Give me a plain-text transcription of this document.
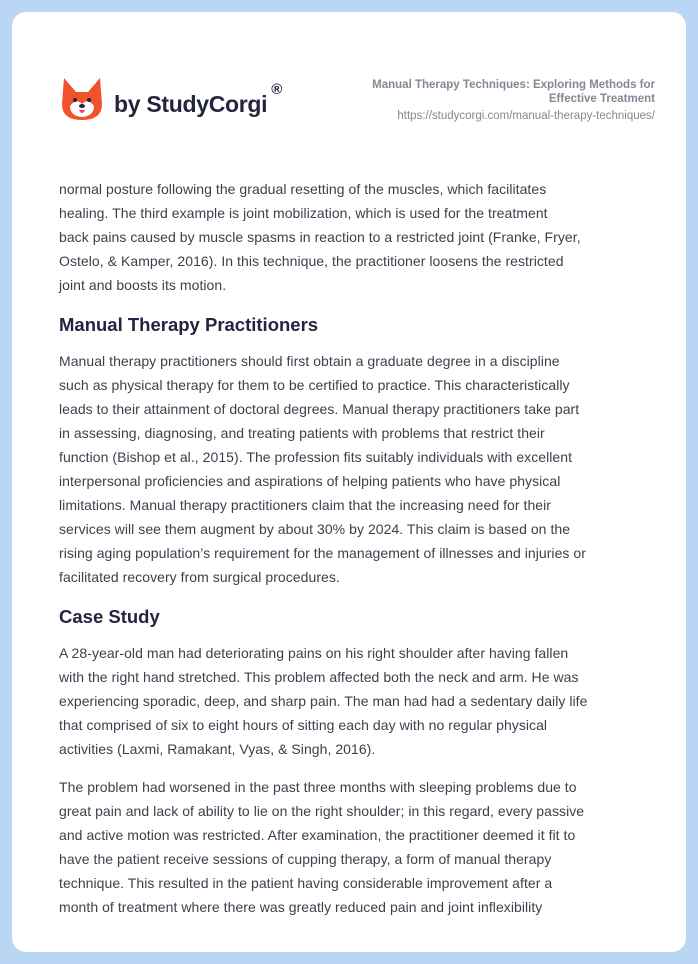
by StudyCorgi
®	Manual Therapy Techniques: Exploring Methods for
Effective Treatment
https://studycorgi.com/manual-therapy-techniques/

normal posture following the gradual resetting of the muscles, which facilitates
healing. The third example is joint mobilization, which is used for the treatment
back pains caused by muscle spasms in reaction to a restricted joint (Franke, Fryer,
Ostelo, & Kamper, 2016). In this technique, the practitioner loosens the restricted
joint and boosts its motion.

Manual Therapy Practitioners

Manual therapy practitioners should first obtain a graduate degree in a discipline
such as physical therapy for them to be certified to practice. This characteristically
leads to their attainment of doctoral degrees. Manual therapy practitioners take part
in assessing, diagnosing, and treating patients with problems that restrict their
function (Bishop et al., 2015). The profession fits suitably individuals with excellent
interpersonal proficiencies and aspirations of helping patients who have physical
limitations. Manual therapy practitioners claim that the increasing need for their
services will see them augment by about 30% by 2024. This claim is based on the
rising aging population’s requirement for the management of illnesses and injuries or
facilitated recovery from surgical procedures.

Case Study

A 28-year-old man had deteriorating pains on his right shoulder after having fallen
with the right hand stretched. This problem affected both the neck and arm. He was
experiencing sporadic, deep, and sharp pain. The man had had a sedentary daily life
that comprised of six to eight hours of sitting each day with no regular physical
activities (Laxmi, Ramakant, Vyas, & Singh, 2016).

The problem had worsened in the past three months with sleeping problems due to
great pain and lack of ability to lie on the right shoulder; in this regard, every passive
and active motion was restricted. After examination, the practitioner deemed it fit to
have the patient receive sessions of cupping therapy, a form of manual therapy
technique. This resulted in the patient having considerable improvement after a
month of treatment where there was greatly reduced pain and joint inflexibility
